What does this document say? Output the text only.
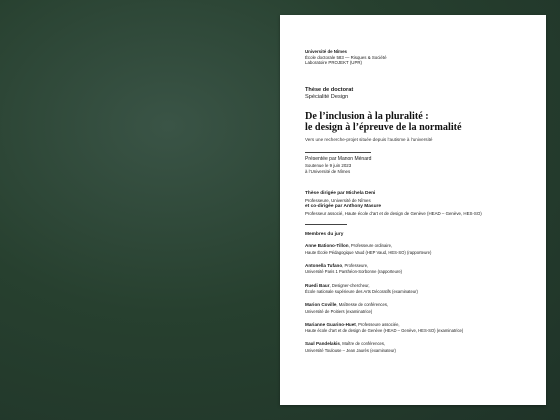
Université de Nîmes
École doctorale 583 — Risques & Société
Laboratoire PROJEKT (UPR)
Thèse de doctorat
Spécialité Design
De l’inclusion à la pluralité :
le design à l’épreuve de la normalité
Vers une recherche-projet située depuis l’autisme à l’université
Présentée par Manon Ménard
Soutenue le 9 juin 2023
à l’Université de Nîmes
Thèse dirigée par Michela Deni
Professeure, Université de Nîmes
et co-dirigée par Anthony Masure
Professeur associé, Haute école d’art et de design de Genève (HEAD – Genève, HES-SO)
Membres du jury
Anne Bationo-Tillon, Professeure ordinaire,
Haute École Pédagogique Vaud (HEP Vaud, HES-SO) (rapporteure)
Antonella Tufano, Professeure,
Université Paris 1 Panthéon-Sorbonne (rapporteure)
Ruedi Baur, Designer-chercheur,
École nationale supérieure des Arts Décoratifs (examinateur)
Marion Coville, Maîtresse de conférences,
Université de Poitiers (examinatrice)
Marianne Guarino-Huet, Professeure associée,
Haute école d’art et de design de Genève (HEAD – Genève, HES-SO) (examinatrice)
Saul Pandelakis, Maître de conférences,
Université Toulouse – Jean Jaurès (examinateur)
